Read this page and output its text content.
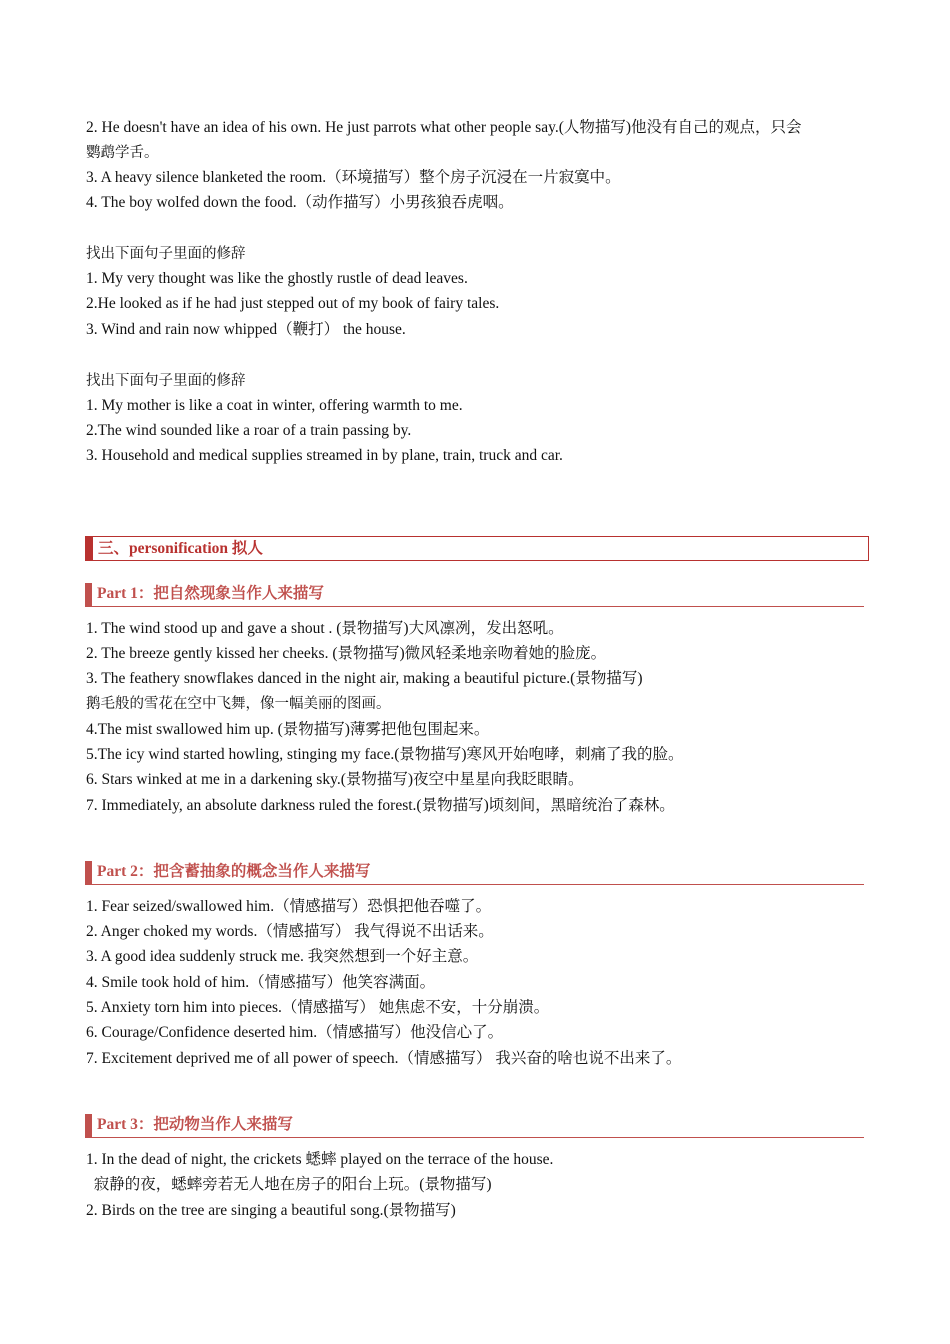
2. He doesn't have an idea of his own. He just parrots what other people say.(人物描写)他没有自己的观点，只会
鹦鹉学舌。
3. A heavy silence blanketed the room.（环境描写）整个房子沉浸在一片寂寞中。
4. The boy wolfed down the food.（动作描写）小男孩狼吞虎咽。
找出下面句子里面的修辞
1. My very thought was like the ghostly rustle of dead leaves.
2.He looked as if he had just stepped out of my book of fairy tales.
3. Wind and rain now whipped（鞭打） the house.
找出下面句子里面的修辞
1. My mother is like a coat in winter, offering warmth to me.
2.The wind sounded like a roar of a train passing by.
3. Household and medical supplies streamed in by plane, train, truck and car.
三、personification 拟人
Part 1：把自然现象当作人来描写
1. The wind stood up and gave a shout . (景物描写)大风凛冽，发出怒吼。
2. The breeze gently kissed her cheeks. (景物描写)微风轻柔地亲吻着她的脸庞。
3. The feathery snowflakes danced in the night air, making a beautiful picture.(景物描写)
鹅毛般的雪花在空中飞舞，像一幅美丽的图画。
4.The mist swallowed him up. (景物描写)薄雾把他包围起来。
5.The icy wind started howling, stinging my face.(景物描写)寒风开始咆哮，刺痛了我的脸。
6. Stars winked at me in a darkening sky.(景物描写)夜空中星星向我眨眼睛。
7. Immediately, an absolute darkness ruled the forest.(景物描写)顷刻间，黑暗统治了森林。
Part 2：把含蓄抽象的概念当作人来描写
1. Fear seized/swallowed him.（情感描写）恐惧把他吞噬了。
2. Anger choked my words.（情感描写） 我气得说不出话来。
3. A good idea suddenly struck me. 我突然想到一个好主意。
4. Smile took hold of him.（情感描写）他笑容满面。
5. Anxiety torn him into pieces.（情感描写） 她焦虑不安，十分崩溃。
6. Courage/Confidence deserted him.（情感描写）他没信心了。
7. Excitement deprived me of all power of speech.（情感描写） 我兴奋的啥也说不出来了。
Part 3：把动物当作人来描写
1. In the dead of night, the crickets 蟋蟀 played on the terrace of the house.
寂静的夜，蟋蟀旁若无人地在房子的阳台上玩。(景物描写)
2. Birds on the tree are singing a beautiful song.(景物描写)
